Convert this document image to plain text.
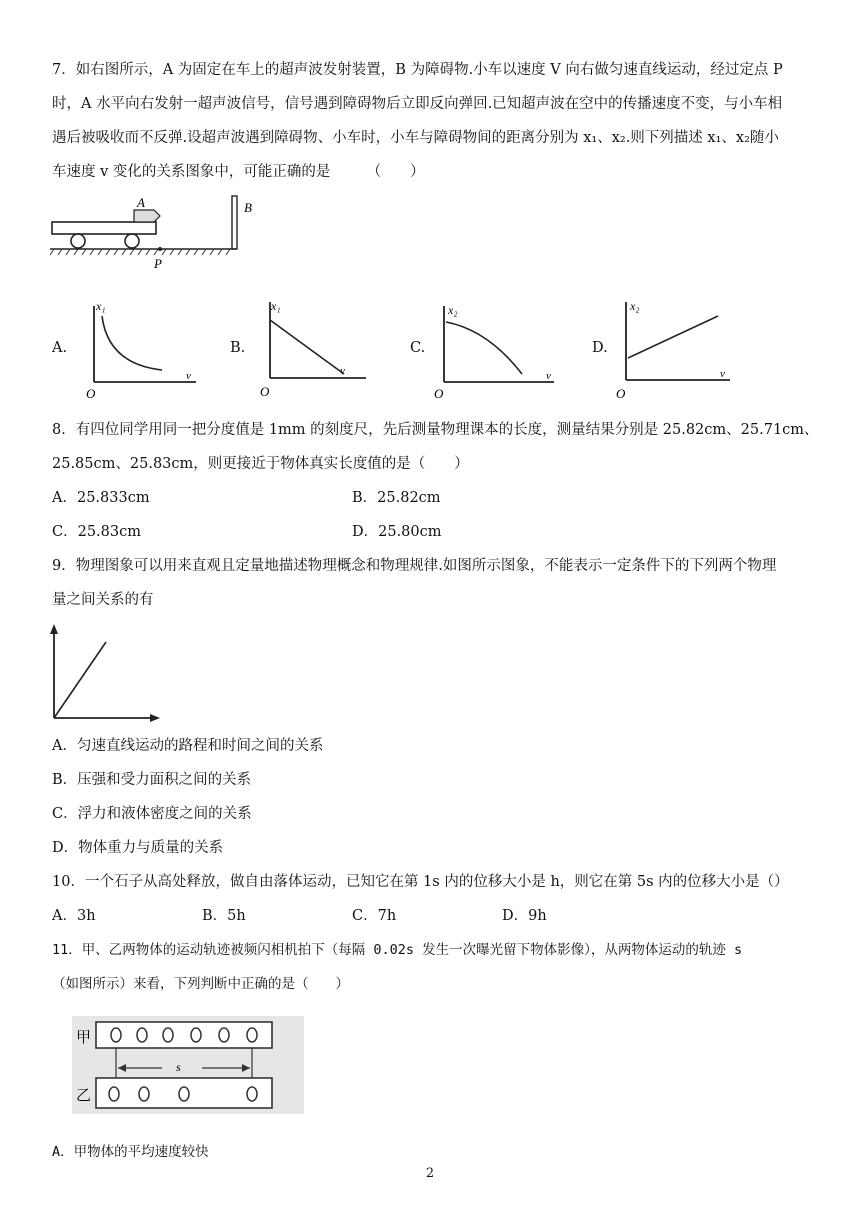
7．如右图所示，A 为固定在车上的超声波发射装置，B 为障碍物.小车以速度 V 向右做匀速直线运动，经过定点 P
时，A 水平向右发射一超声波信号，信号遇到障碍物后立即反向弹回.已知超声波在空中的传播速度不变，与小车相
遇后被吸收而不反弹.设超声波遇到障碍物、小车时，小车与障碍物间的距离分别为 x₁、x₂.则下列描述 x₁、x₂随小
车速度 v 变化的关系图象中，可能正确的是　　　（　　）
A	B
P
A.
x₁
v
O
B.
x₁
v
O
C.
x₂
v
O
D.
x₂
v
O
8．有四位同学用同一把分度值是 1mm 的刻度尺，先后测量物理课本的长度，测量结果分别是 25.82cm、25.71cm、
25.85cm、25.83cm，则更接近于物体真实长度值的是（　　）
A．25.833cm	B．25.82cm
C．25.83cm	D．25.80cm
9．物理图象可以用来直观且定量地描述物理概念和物理规律.如图所示图象，不能表示一定条件下的下列两个物理
量之间关系的有
A．匀速直线运动的路程和时间之间的关系
B．压强和受力面积之间的关系
C．浮力和液体密度之间的关系
D．物体重力与质量的关系
10．一个石子从高处释放，做自由落体运动，已知它在第 1s 内的位移大小是 h，则它在第 5s 内的位移大小是（）
A．3h	B．5h	C．7h	D．9h
11．甲、乙两物体的运动轨迹被频闪相机拍下（每隔 0.02s 发生一次曝光留下物体影像），从两物体运动的轨迹 s
（如图所示）来看，下列判断中正确的是（　　）
甲
乙
s
A．甲物体的平均速度较快
2
